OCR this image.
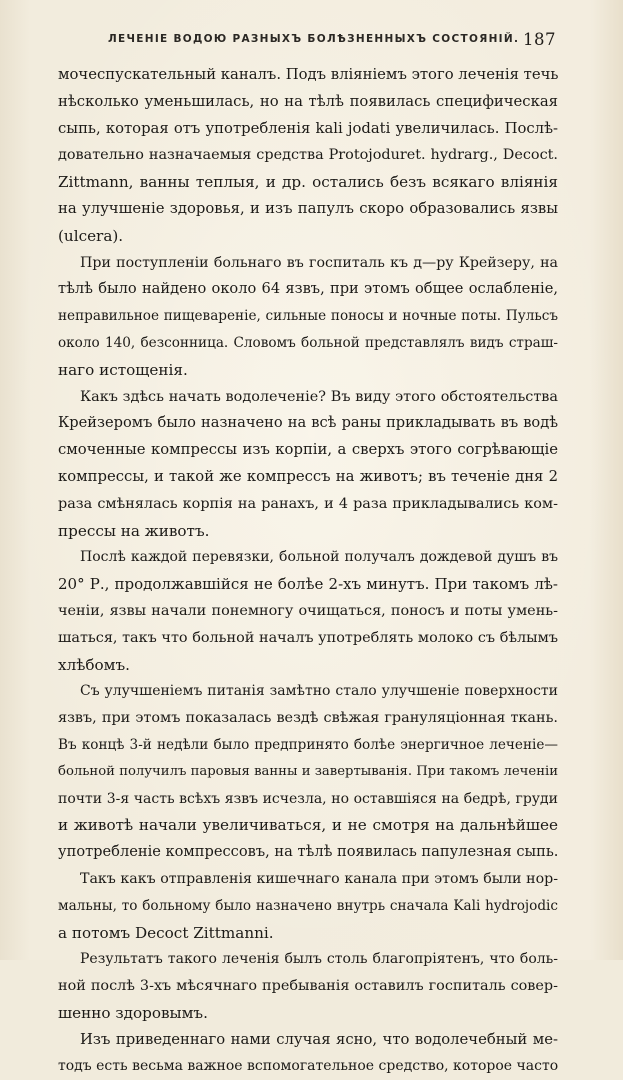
ЛЕЧЕНІЕ ВОДОЮ РАЗНЫХЪ БОЛѢЗНЕННЫХЪ СОСТОЯНІЙ. 187
мочеспускательный каналъ. Подъ вліяніемъ этого леченія течь
нѣсколько уменьшилась, но на тѣлѣ появилась специфическая
сыпь, которая отъ употребленія kali jodati увеличилась. Послѣ-
довательно назначаемыя средства Protojoduret. hydrarg., Decoct.
Zittmann, ванны теплыя, и др. остались безъ всякаго вліянія
на улучшеніе здоровья, и изъ папулъ скоро образовались язвы
(ulcera).
При поступленіи больнаго въ госпиталь къ д—ру Крейзеру, на
тѣлѣ было найдено около 64 язвъ, при этомъ общее ослабленіе,
неправильное пищевареніе, сильные поносы и ночные поты. Пульсъ
около 140, безсонница. Словомъ больной представлялъ видъ страш-
наго истощенія.
Какъ здѣсь начать водолеченіе? Въ виду этого обстоятельства
Крейзеромъ было назначено на всѣ раны прикладывать въ водѣ
смоченные компрессы изъ корпіи, а сверхъ этого согрѣвающіе
компрессы, и такой же компрессъ на животъ; въ теченіе дня 2
раза смѣнялась корпія на ранахъ, и 4 раза прикладывались ком-
прессы на животъ.
Послѣ каждой перевязки, больной получалъ дождевой душъ въ
20° Р., продолжавшійся не болѣе 2-хъ минутъ. При такомъ лѣ-
ченіи, язвы начали понемногу очищаться, поносъ и поты умень-
шаться, такъ что больной началъ употреблять молоко съ бѣлымъ
хлѣбомъ.
Съ улучшеніемъ питанія замѣтно стало улучшеніе поверхности
язвъ, при этомъ показалась вездѣ свѣжая грануляціонная ткань.
Въ концѣ 3-й недѣли было предпринято болѣе энергичное леченіе—
больной получилъ паровыя ванны и завертыванія. При такомъ леченіи
почти 3-я часть всѣхъ язвъ исчезла, но оставшіяся на бедрѣ, груди
и животѣ начали увеличиваться, и не смотря на дальнѣйшее
употребленіе компрессовъ, на тѣлѣ появилась папулезная сыпь.
Такъ какъ отправленія кишечнаго канала при этомъ были нор-
мальны, то больному было назначено внутрь сначала Kali hydrojodic
а потомъ Decoct Zittmanni.
Результатъ такого леченія былъ столь благопріятенъ, что боль-
ной послѣ 3-хъ мѣсячнаго пребыванія оставилъ госпиталь совер-
шенно здоровымъ.
Изъ приведеннаго нами случая ясно, что водолечебный ме-
тодъ есть весьма важное вспомогательное средство, которое часто
